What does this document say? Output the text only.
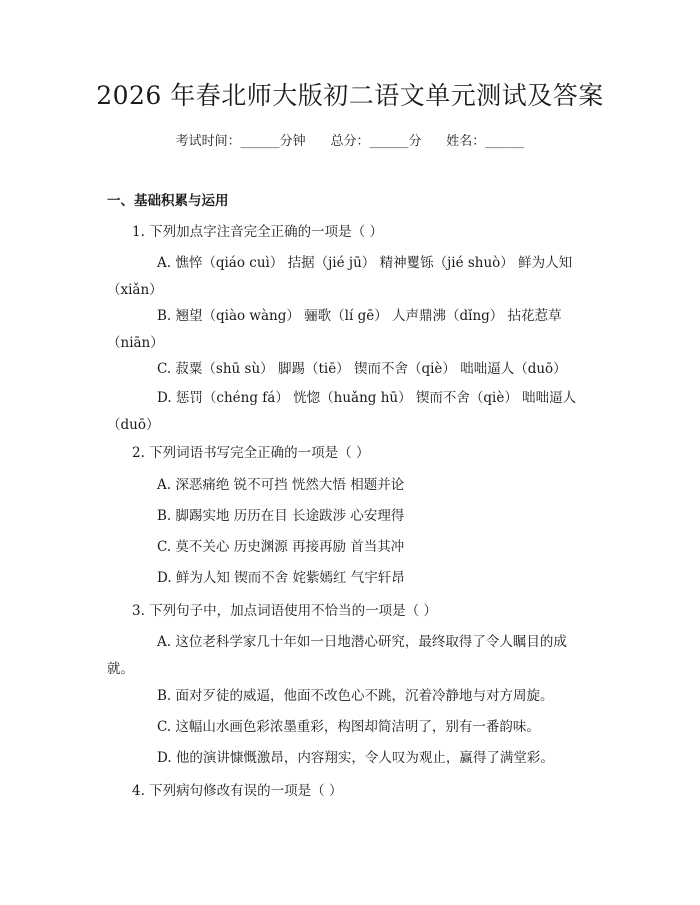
2026 年春北师大版初二语文单元测试及答案
考试时间：______分钟 总分：______分 姓名：______
一、基础积累与运用
1. 下列加点字注音完全正确的一项是（ ）
A. 憔悴（qiáo cuì） 拮据（jié jū） 精神矍铄（jié shuò） 鲜为人知（xiǎn）
B. 翘望（qiào wàng） 骊歌（lí gē） 人声鼎沸（dǐng） 拈花惹草（niān）
C. 菽粟（shū sù） 脚踢（tiē） 锲而不舍（qiè） 咄咄逼人（duō）
D. 惩罚（chéng fá） 恍惚（huǎng hū） 锲而不舍（qiè） 咄咄逼人（duō）
2. 下列词语书写完全正确的一项是（ ）
A. 深恶痛绝 锐不可挡 恍然大悟 相题并论
B. 脚踢实地 历历在目 长途跋涉 心安理得
C. 莫不关心 历史渊源 再接再励 首当其冲
D. 鲜为人知 锲而不舍 姹紫嫣红 气宇轩昂
3. 下列句子中，加点词语使用不恰当的一项是（ ）
A. 这位老科学家几十年如一日地潜心研究，最终取得了令人瞩目的成就。
B. 面对歹徒的威逼，他面不改色心不跳，沉着冷静地与对方周旋。
C. 这幅山水画色彩浓墨重彩，构图却简洁明了，别有一番韵味。
D. 他的演讲慷慨激昂，内容翔实，令人叹为观止，赢得了满堂彩。
4. 下列病句修改有误的一项是（ ）
